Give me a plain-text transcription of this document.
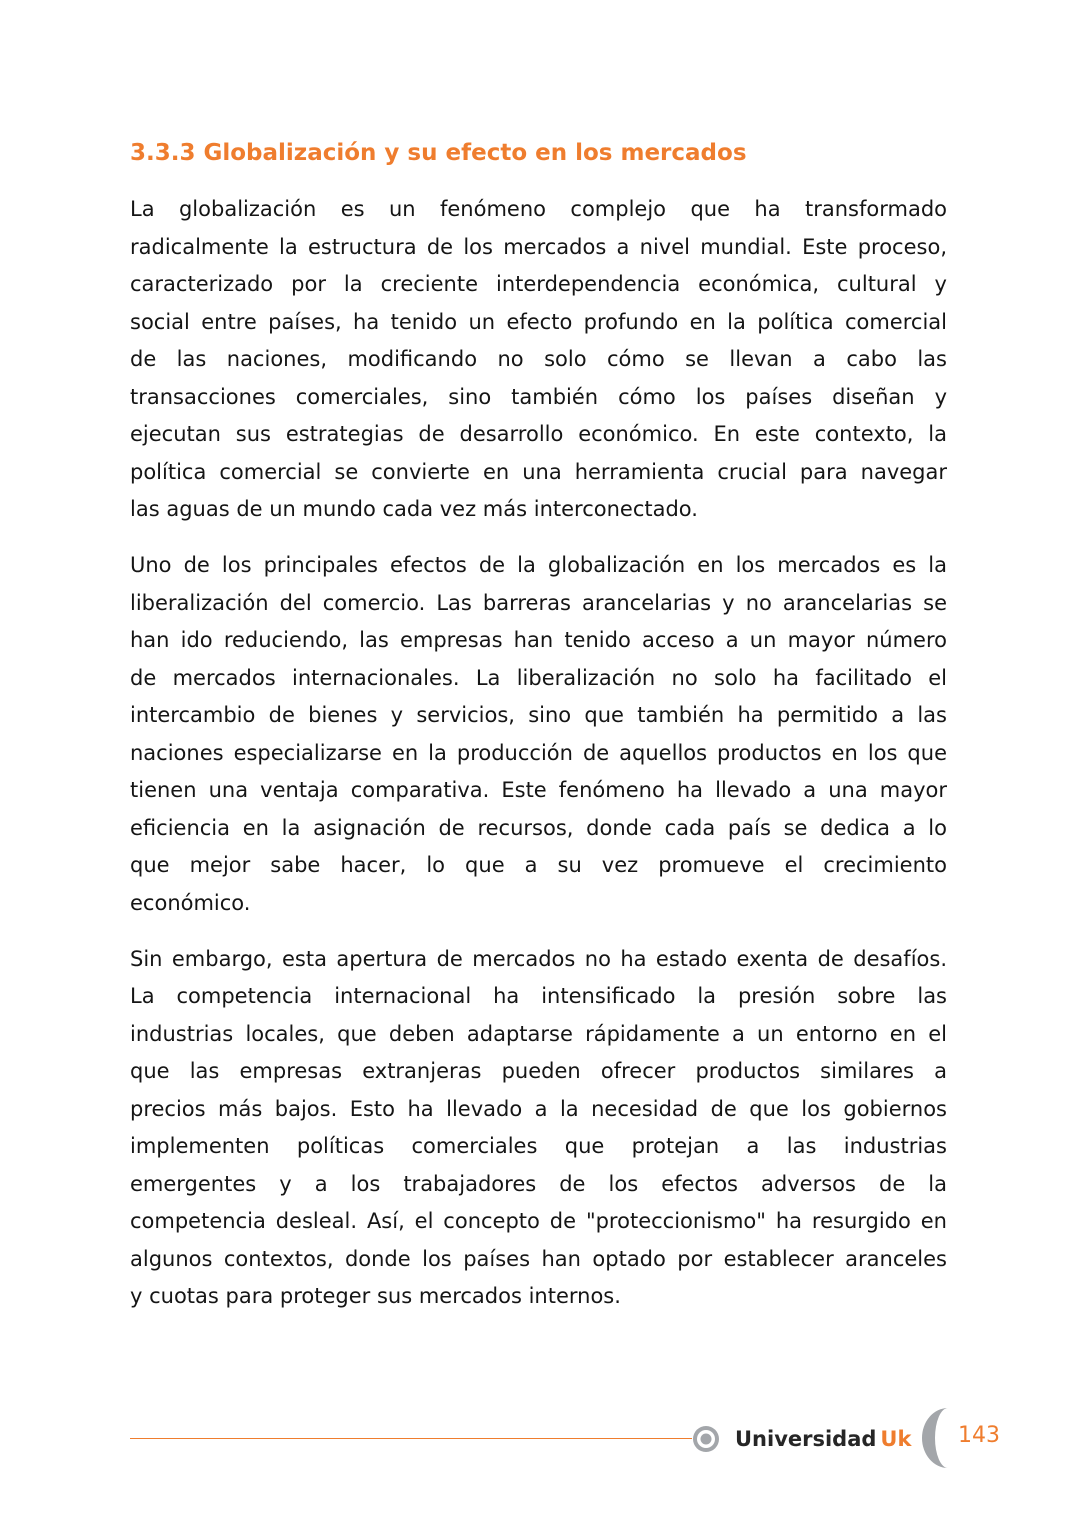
3.3.3 Globalización y su efecto en los mercados
La globalización es un fenómeno complejo que ha transformado
radicalmente la estructura de los mercados a nivel mundial. Este proceso,
caracterizado por la creciente interdependencia económica, cultural y
social entre países, ha tenido un efecto profundo en la política comercial
de las naciones, modificando no solo cómo se llevan a cabo las
transacciones comerciales, sino también cómo los países diseñan y
ejecutan sus estrategias de desarrollo económico. En este contexto, la
política comercial se convierte en una herramienta crucial para navegar
las aguas de un mundo cada vez más interconectado.
Uno de los principales efectos de la globalización en los mercados es la
liberalización del comercio. Las barreras arancelarias y no arancelarias se
han ido reduciendo, las empresas han tenido acceso a un mayor número
de mercados internacionales. La liberalización no solo ha facilitado el
intercambio de bienes y servicios, sino que también ha permitido a las
naciones especializarse en la producción de aquellos productos en los que
tienen una ventaja comparativa. Este fenómeno ha llevado a una mayor
eficiencia en la asignación de recursos, donde cada país se dedica a lo
que mejor sabe hacer, lo que a su vez promueve el crecimiento
económico.
Sin embargo, esta apertura de mercados no ha estado exenta de desafíos.
La competencia internacional ha intensificado la presión sobre las
industrias locales, que deben adaptarse rápidamente a un entorno en el
que las empresas extranjeras pueden ofrecer productos similares a
precios más bajos. Esto ha llevado a la necesidad de que los gobiernos
implementen políticas comerciales que protejan a las industrias
emergentes y a los trabajadores de los efectos adversos de la
competencia desleal. Así, el concepto de "proteccionismo" ha resurgido en
algunos contextos, donde los países han optado por establecer aranceles
y cuotas para proteger sus mercados internos.
Universidad Uk 143
